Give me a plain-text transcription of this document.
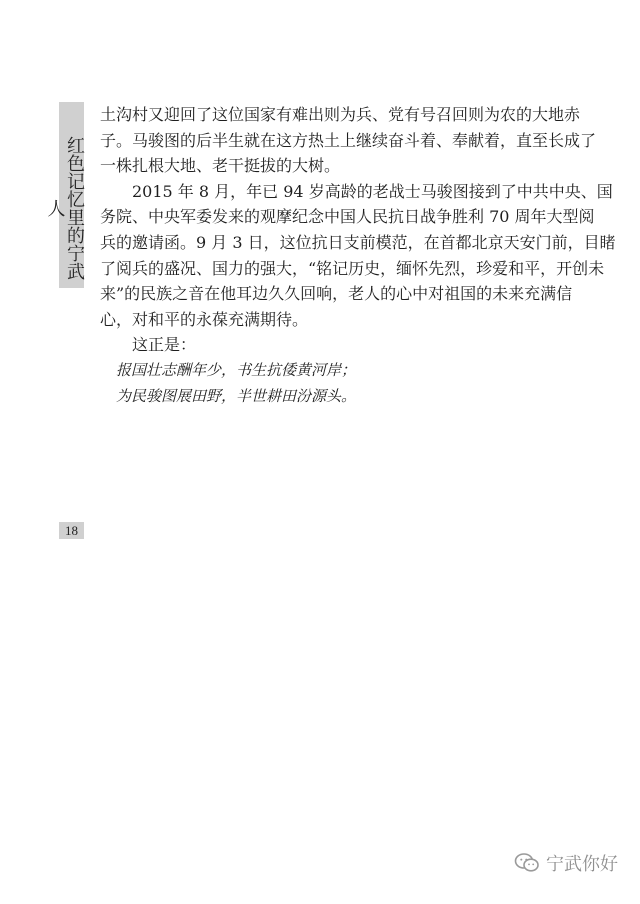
红色记忆里的宁武人
18

土沟村又迎回了这位国家有难出则为兵、党有号召回则为农的大地赤
子。马骏图的后半生就在这方热土上继续奋斗着、奉献着，直至长成了
一株扎根大地、老干挺拔的大树。

2015 年 8 月，年已 94 岁高龄的老战士马骏图接到了中共中央、国
务院、中央军委发来的观摩纪念中国人民抗日战争胜利 70 周年大型阅
兵的邀请函。9 月 3 日，这位抗日支前模范，在首都北京天安门前，目睹
了阅兵的盛况、国力的强大，“铭记历史，缅怀先烈，珍爱和平，开创未
来”的民族之音在他耳边久久回响，老人的心中对祖国的未来充满信
心，对和平的永葆充满期待。

这正是：

报国壮志酬年少，书生抗倭黄河岸；
为民骏图展田野，半世耕田汾源头。
宁武你好
